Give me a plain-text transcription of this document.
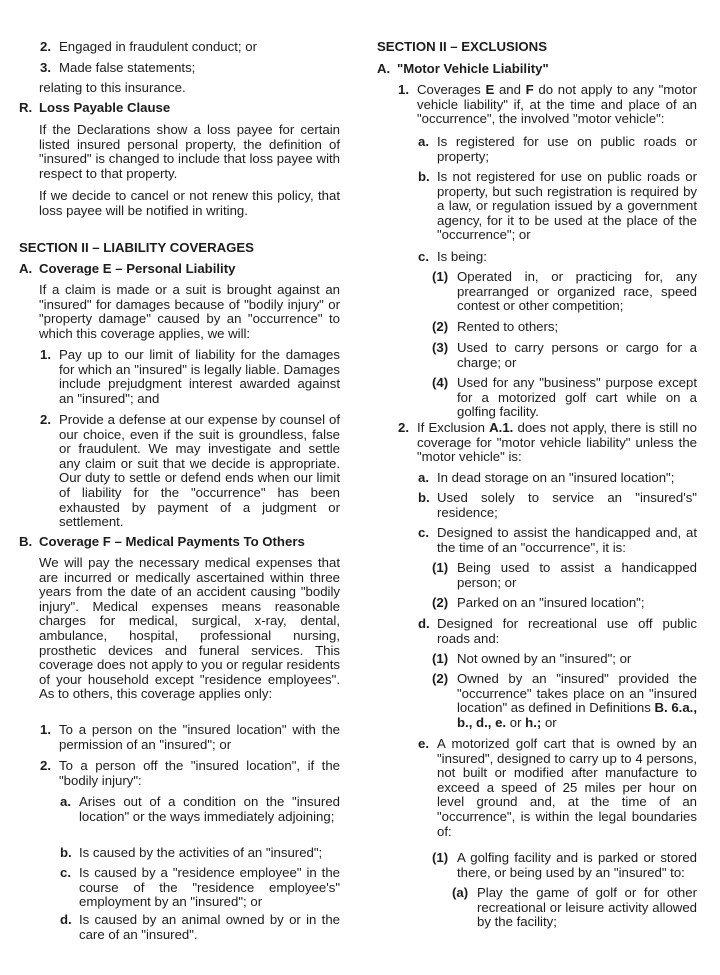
2. Engaged in fraudulent conduct; or
3. Made false statements;
relating to this insurance.
R. Loss Payable Clause
If the Declarations show a loss payee for certain listed insured personal property, the definition of "insured" is changed to include that loss payee with respect to that property.
If we decide to cancel or not renew this policy, that loss payee will be notified in writing.
SECTION II – LIABILITY COVERAGES
A. Coverage E – Personal Liability
If a claim is made or a suit is brought against an "insured" for damages because of "bodily injury" or "property damage" caused by an "occurrence" to which this coverage applies, we will:
1. Pay up to our limit of liability for the damages for which an "insured" is legally liable. Damages include prejudgment interest awarded against an "insured"; and
2. Provide a defense at our expense by counsel of our choice, even if the suit is groundless, false or fraudulent. We may investigate and settle any claim or suit that we decide is appropriate. Our duty to settle or defend ends when our limit of liability for the "occurrence" has been exhausted by payment of a judgment or settlement.
B. Coverage F – Medical Payments To Others
We will pay the necessary medical expenses that are incurred or medically ascertained within three years from the date of an accident causing "bodily injury". Medical expenses means reasonable charges for medical, surgical, x-ray, dental, ambulance, hospital, professional nursing, prosthetic devices and funeral services. This coverage does not apply to you or regular residents of your household except "residence employees". As to others, this coverage applies only:
1. To a person on the "insured location" with the permission of an "insured"; or
2. To a person off the "insured location", if the "bodily injury":
a. Arises out of a condition on the "insured location" or the ways immediately adjoining;
b. Is caused by the activities of an "insured";
c. Is caused by a "residence employee" in the course of the "residence employee's" employment by an "insured"; or
d. Is caused by an animal owned by or in the care of an "insured".
SECTION II – EXCLUSIONS
A. "Motor Vehicle Liability"
1. Coverages E and F do not apply to any "motor vehicle liability" if, at the time and place of an "occurrence", the involved "motor vehicle":
a. Is registered for use on public roads or property;
b. Is not registered for use on public roads or property, but such registration is required by a law, or regulation issued by a government agency, for it to be used at the place of the "occurrence"; or
c. Is being:
(1) Operated in, or practicing for, any prearranged or organized race, speed contest or other competition;
(2) Rented to others;
(3) Used to carry persons or cargo for a charge; or
(4) Used for any "business" purpose except for a motorized golf cart while on a golfing facility.
2. If Exclusion A.1. does not apply, there is still no coverage for "motor vehicle liability" unless the "motor vehicle" is:
a. In dead storage on an "insured location";
b. Used solely to service an "insured's" residence;
c. Designed to assist the handicapped and, at the time of an "occurrence", it is:
(1) Being used to assist a handicapped person; or
(2) Parked on an "insured location";
d. Designed for recreational use off public roads and:
(1) Not owned by an "insured"; or
(2) Owned by an "insured" provided the "occurrence" takes place on an "insured location" as defined in Definitions B. 6.a., b., d., e. or h.; or
e. A motorized golf cart that is owned by an "insured", designed to carry up to 4 persons, not built or modified after manufacture to exceed a speed of 25 miles per hour on level ground and, at the time of an "occurrence", is within the legal boundaries of:
(1) A golfing facility and is parked or stored there, or being used by an "insured" to:
(a) Play the game of golf or for other recreational or leisure activity allowed by the facility;
